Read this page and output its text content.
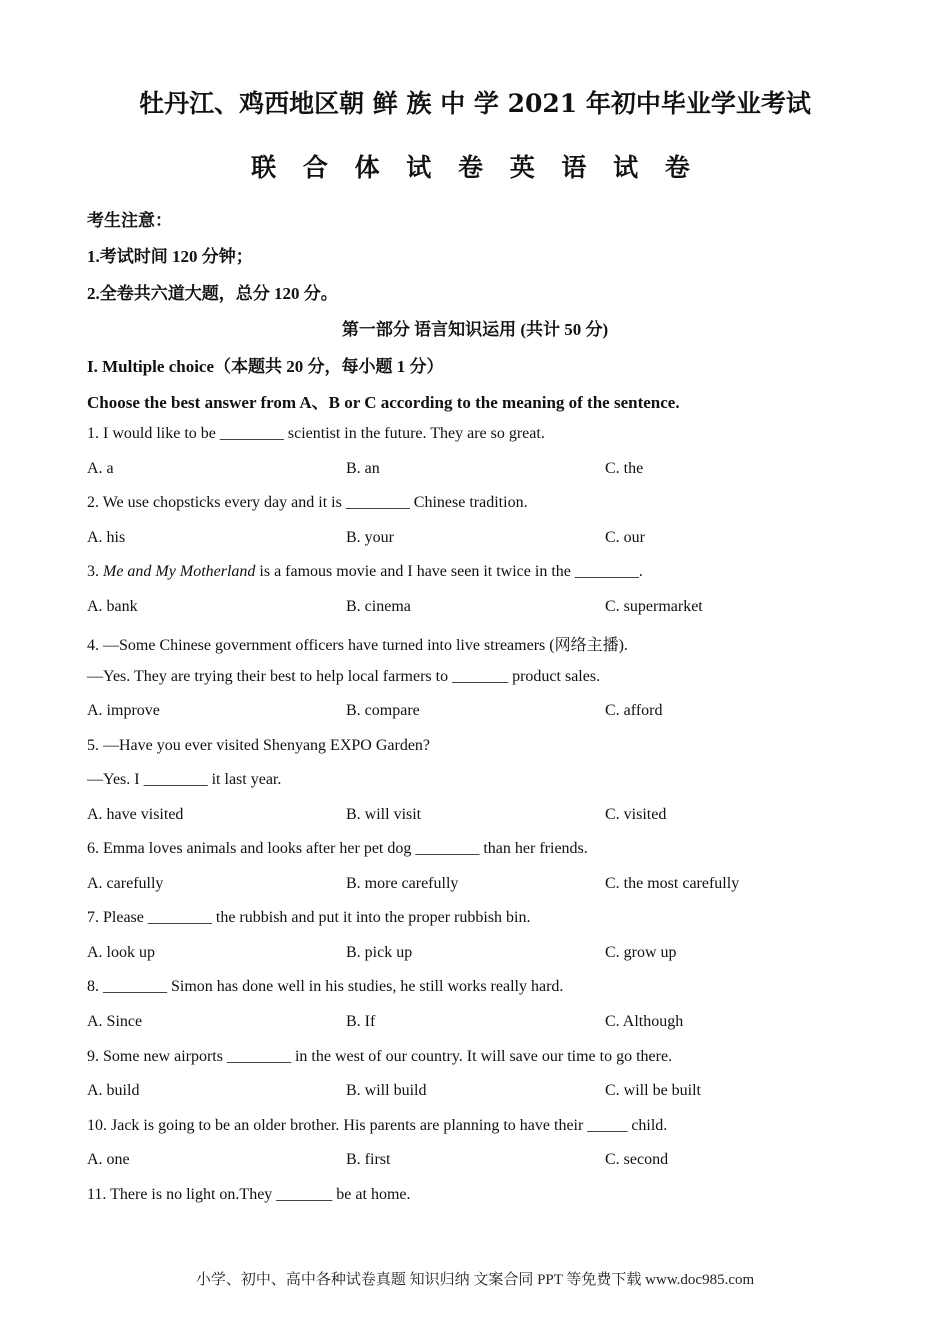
牡丹江、鸡西地区朝 鲜 族 中 学 2021 年初中毕业学业考试
联 合 体 试 卷 英 语 试 卷
考生注意：
1.考试时间 120 分钟；
2.全卷共六道大题，总分 120 分。
第一部分 语言知识运用 (共计 50 分)
I. Multiple choice（本题共 20 分，每小题 1 分）
Choose the best answer from A、B or C according to the meaning of the sentence.
1. I would like to be ________ scientist in the future. They are so great.
A. a	B. an	C. the
2. We use chopsticks every day and it is ________ Chinese tradition.
A. his	B. your	C. our
3. Me and My Motherland is a famous movie and I have seen it twice in the ________.
A. bank	B. cinema	C. supermarket
4. —Some Chinese government officers have turned into live streamers (网络主播).
—Yes. They are trying their best to help local farmers to _______ product sales.
A. improve	B. compare	C. afford
5. —Have you ever visited Shenyang EXPO Garden?
—Yes. I ________ it last year.
A. have visited	B. will visit	C. visited
6. Emma loves animals and looks after her pet dog ________ than her friends.
A. carefully	B. more carefully	C. the most carefully
7. Please ________ the rubbish and put it into the proper rubbish bin.
A. look up	B. pick up	C. grow up
8. ________ Simon has done well in his studies, he still works really hard.
A. Since	B. If	C. Although
9. Some new airports ________ in the west of our country. It will save our time to go there.
A. build	B. will build	C. will be built
10. Jack is going to be an older brother. His parents are planning to have their _____ child.
A. one	B. first	C. second
11. There is no light on.They _______ be at home.
小学、初中、高中各种试卷真题 知识归纳 文案合同 PPT 等免费下载 www.doc985.com
